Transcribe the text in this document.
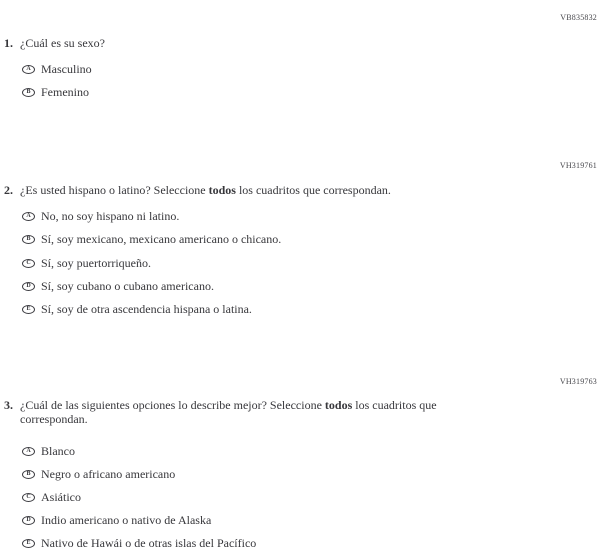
VB835832
1. ¿Cuál es su sexo?
A Masculino
B Femenino
VH319761
2. ¿Es usted hispano o latino? Seleccione todos los cuadritos que correspondan.
A No, no soy hispano ni latino.
B Sí, soy mexicano, mexicano americano o chicano.
C Sí, soy puertorriqueño.
D Sí, soy cubano o cubano americano.
E Sí, soy de otra ascendencia hispana o latina.
VH319763
3. ¿Cuál de las siguientes opciones lo describe mejor? Seleccione todos los cuadritos que
correspondan.
A Blanco
B Negro o africano americano
C Asiático
D Indio americano o nativo de Alaska
E Nativo de Hawái o de otras islas del Pacífico
